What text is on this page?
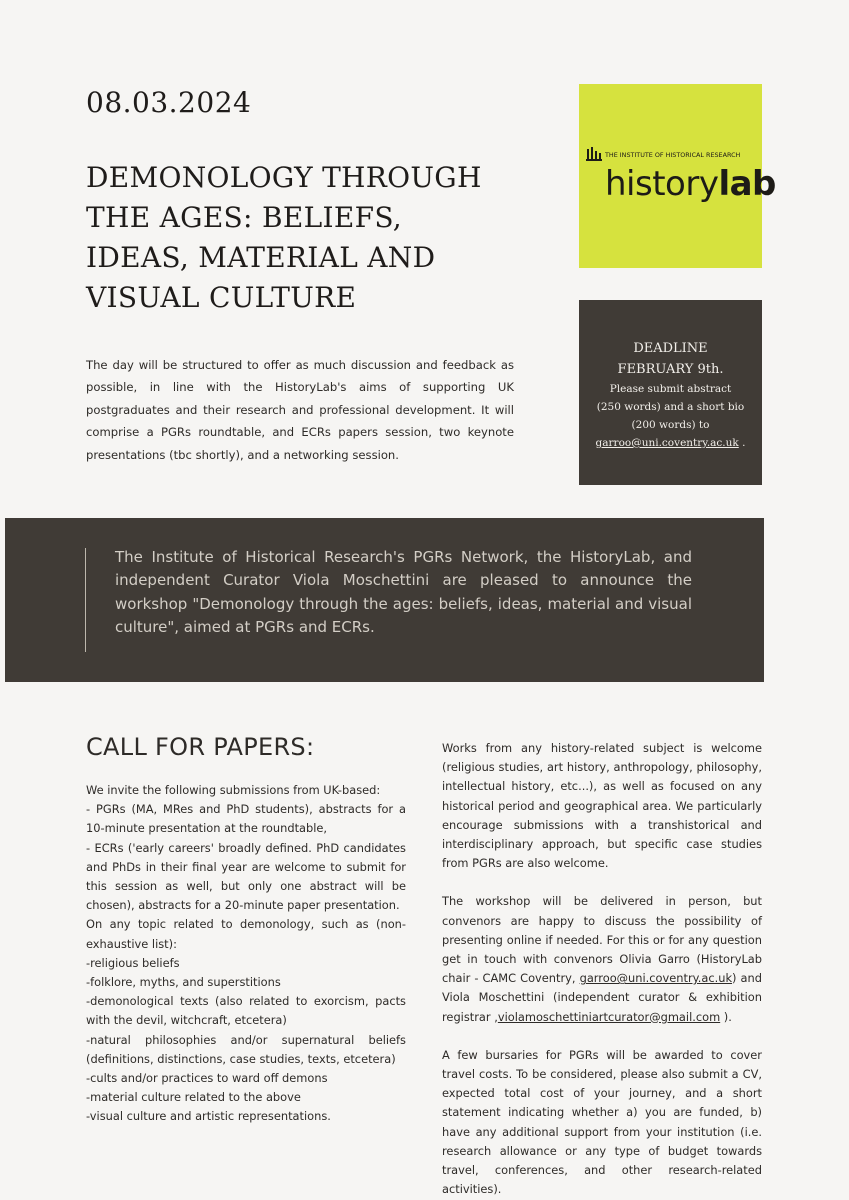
08.03.2024
DEMONOLOGY THROUGH THE AGES: BELIEFS, IDEAS, MATERIAL AND VISUAL CULTURE
THE INSTITUTE OF HISTORICAL RESEARCH
historylab
DEADLINE
FEBRUARY 9th.
Please submit abstract
(250 words) and a short bio
(200 words) to
garroo@uni.coventry.ac.uk .

The day will be structured to offer as much discussion and feedback as possible, in line with the HistoryLab's aims of supporting UK postgraduates and their research and professional development. It will comprise a PGRs roundtable, and ECRs papers session, two keynote presentations (tbc shortly), and a networking session.

The Institute of Historical Research's PGRs Network, the HistoryLab, and independent Curator Viola Moschettini are pleased to announce the workshop "Demonology through the ages: beliefs, ideas, material and visual culture", aimed at PGRs and ECRs.

CALL FOR PAPERS:

We invite the following submissions from UK-based:

- PGRs (MA, MRes and PhD students), abstracts for a 10-minute presentation at the roundtable,

- ECRs ('early careers' broadly defined. PhD candidates and PhDs in their final year are welcome to submit for this session as well, but only one abstract will be chosen), abstracts for a 20-minute paper presentation.

On any topic related to demonology, such as (non-exhaustive list):

-religious beliefs

-folklore, myths, and superstitions

-demonological texts (also related to exorcism, pacts with the devil, witchcraft, etcetera)

-natural philosophies and/or supernatural beliefs (definitions, distinctions, case studies, texts, etcetera)

-cults and/or practices to ward off demons

-material culture related to the above

-visual culture and artistic representations.

Works from any history-related subject is welcome (religious studies, art history, anthropology, philosophy, intellectual history, etc...), as well as focused on any historical period and geographical area. We particularly encourage submissions with a transhistorical and interdisciplinary approach, but specific case studies from PGRs are also welcome.

The workshop will be delivered in person, but convenors are happy to discuss the possibility of presenting online if needed. For this or for any question get in touch with convenors Olivia Garro (HistoryLab chair - CAMC Coventry, garroo@uni.coventry.ac.uk) and Viola Moschettini (independent curator & exhibition registrar ,violamoschettiniartcurator@gmail.com ).

A few bursaries for PGRs will be awarded to cover travel costs. To be considered, please also submit a CV, expected total cost of your journey, and a short statement indicating whether a) you are funded, b) have any additional support from your institution (i.e. research allowance or any type of budget towards travel, conferences, and other research-related activities).
